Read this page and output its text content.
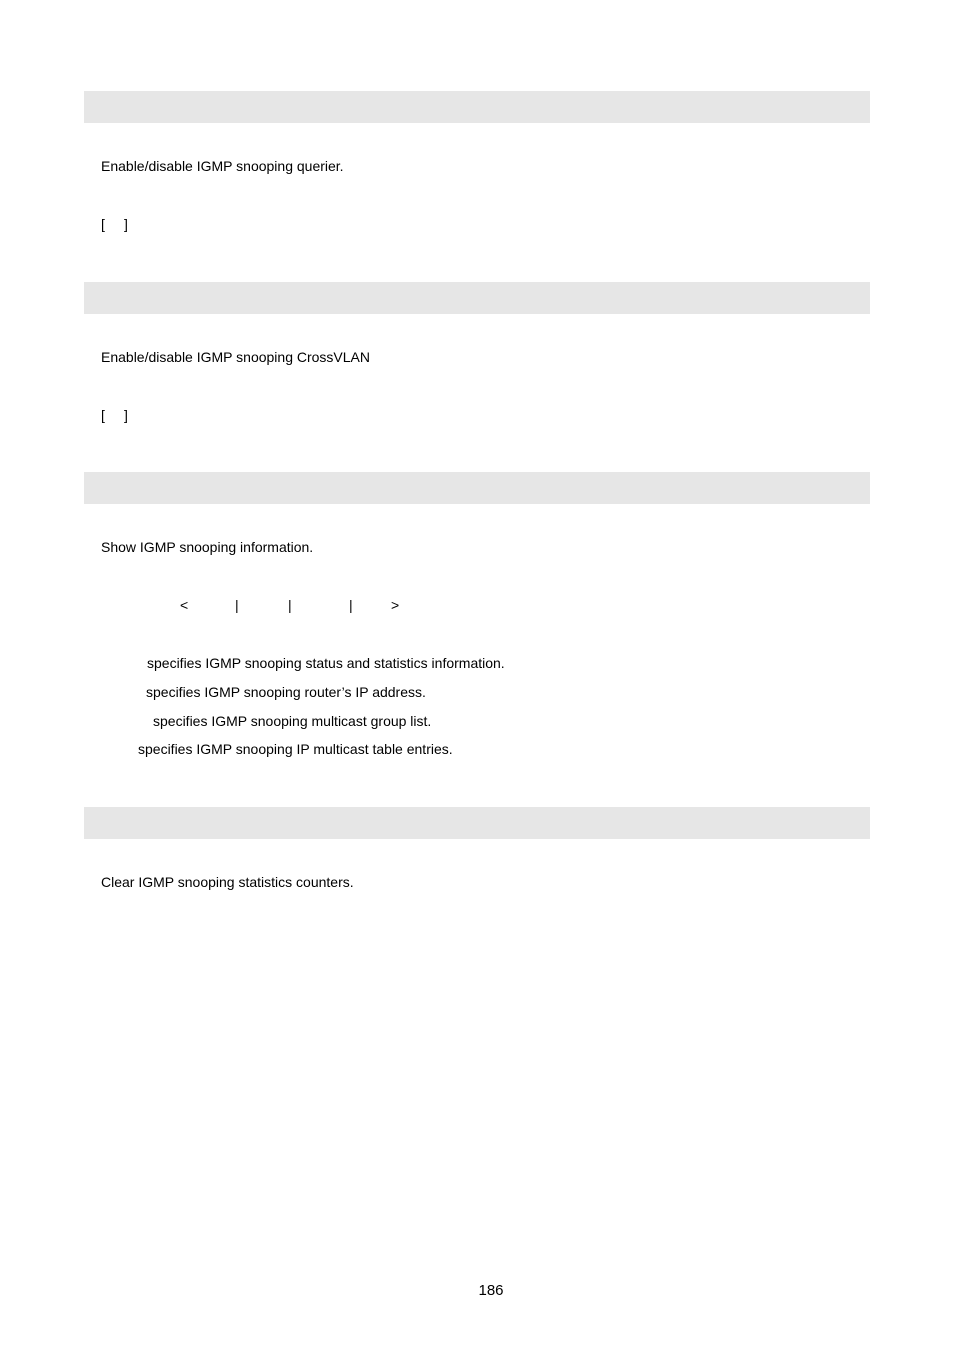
Enable/disable IGMP snooping querier.
[ ]
Enable/disable IGMP snooping CrossVLAN
[ ]
Show IGMP snooping information.
<	|	|	|	>
specifies IGMP snooping status and statistics information.
specifies IGMP snooping router’s IP address.
specifies IGMP snooping multicast group list.
specifies IGMP snooping IP multicast table entries.
Clear IGMP snooping statistics counters.
186
